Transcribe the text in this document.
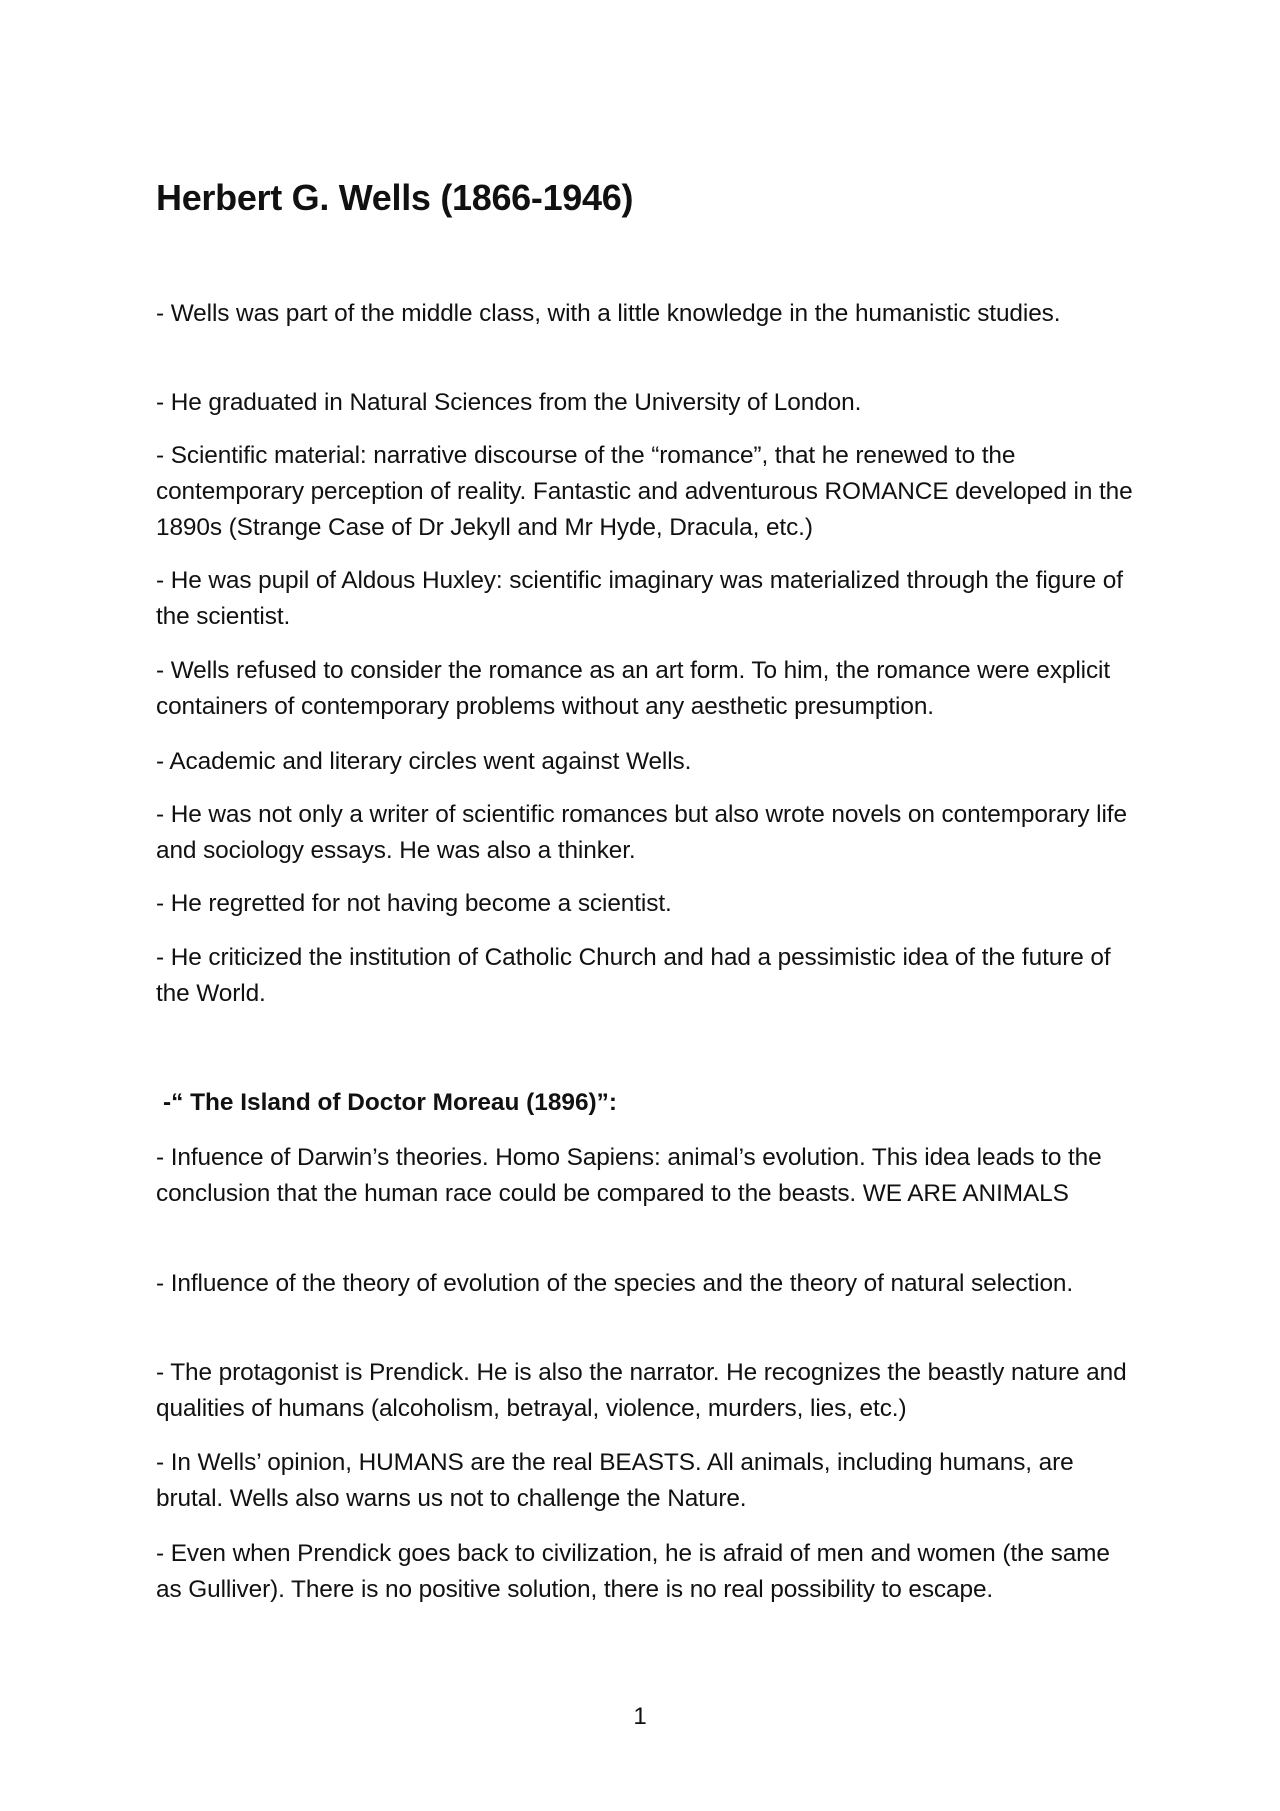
Herbert G. Wells (1866-1946)

- Wells was part of the middle class, with a little knowledge in the humanistic studies.

- He graduated in Natural Sciences from the University of London.

- Scientific material: narrative discourse of the “romance”, that he renewed to the contemporary perception of reality. Fantastic and adventurous ROMANCE developed in the 1890s (Strange Case of Dr Jekyll and Mr Hyde, Dracula, etc.)

- He was pupil of Aldous Huxley: scientific imaginary was materialized through the figure of the scientist.

- Wells refused to consider the romance as an art form. To him, the romance were explicit containers of contemporary problems without any aesthetic presumption.

- Academic and literary circles went against Wells.

- He was not only a writer of scientific romances but also wrote novels on contemporary life and sociology essays. He was also a thinker.

- He regretted for not having become a scientist.

- He criticized the institution of Catholic Church and had a pessimistic idea of the future of the World.

-“ The Island of Doctor Moreau (1896)”:

- Infuence of Darwin’s theories. Homo Sapiens: animal’s evolution. This idea leads to the conclusion that the human race could be compared to the beasts. WE ARE ANIMALS

- Influence of the theory of evolution of the species and the theory of natural selection.

- The protagonist is Prendick. He is also the narrator. He recognizes the beastly nature and qualities of humans (alcoholism, betrayal, violence, murders, lies, etc.)

- In Wells’ opinion, HUMANS are the real BEASTS. All animals, including humans, are brutal. Wells also warns us not to challenge the Nature.

- Even when Prendick goes back to civilization, he is afraid of men and women (the same as Gulliver). There is no positive solution, there is no real possibility to escape.

1
